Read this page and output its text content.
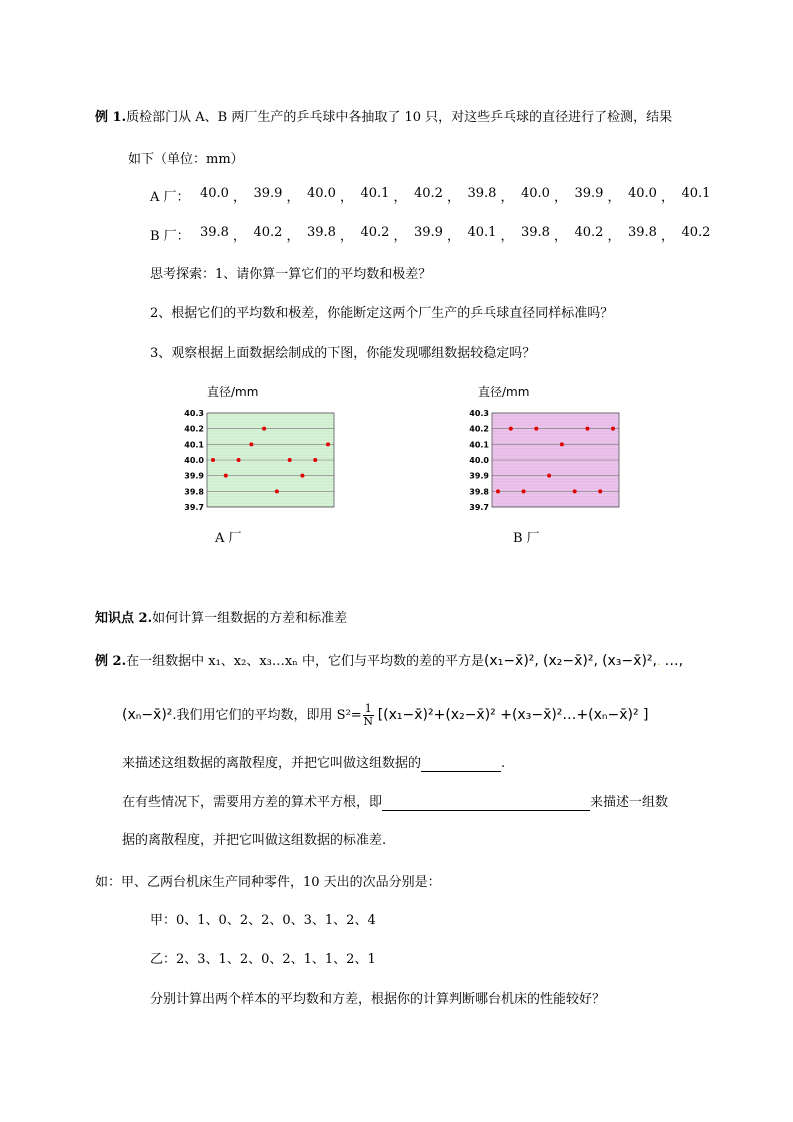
例 1.质检部门从 A、B 两厂生产的乒乓球中各抽取了 10 只，对这些乒乓球的直径进行了检测，结果
如下（单位：mm）
A 厂： 40.0 ， 39.9 ， 40.0 ， 40.1 ， 40.2 ， 39.8 ， 40.0 ， 39.9 ， 40.0 ， 40.1
B 厂： 39.8 ， 40.2 ， 39.8 ， 40.2 ， 39.9 ， 40.1 ， 39.8 ， 40.2 ， 39.8 ， 40.2
思考探索：1、请你算一算它们的平均数和极差？
2、根据它们的平均数和极差，你能断定这两个厂生产的乒乓球直径同样标准吗？
3、观察根据上面数据绘制成的下图，你能发现哪组数据较稳定吗？
直径/mm	直径/mm
40.3
40.2
40.1
40.0
39.9
39.8
39.7
40.3
40.2
40.1
40.0
39.9
39.8
39.7
A 厂	B 厂
知识点 2.如何计算一组数据的方差和标准差
例 2.在一组数据中 x₁、x₂、x₃…xₙ 中，它们与平均数的差的平方是(x₁−x̄)², (x₂−x̄)², (x₃−x̄)²,. …,
(xₙ−x̄)².我们用它们的平均数，即用 $S^2= \frac{1}{N}$ [(x₁−x̄)²+(x₂−x̄)² +(x₃−x̄)²…+(xₙ−x̄)² ]
来描述这组数据的离散程度，并把它叫做这组数据的	.
在有些情况下，需要用方差的算术平方根，即	来描述一组数
据的离散程度，并把它叫做这组数据的标准差.
如：甲、乙两台机床生产同种零件，10 天出的次品分别是：
甲：0、1、0、2、2、0、3、1、2、4
乙：2、3、1、2、0、2、1、1、2、1
分别计算出两个样本的平均数和方差，根据你的计算判断哪台机床的性能较好？
